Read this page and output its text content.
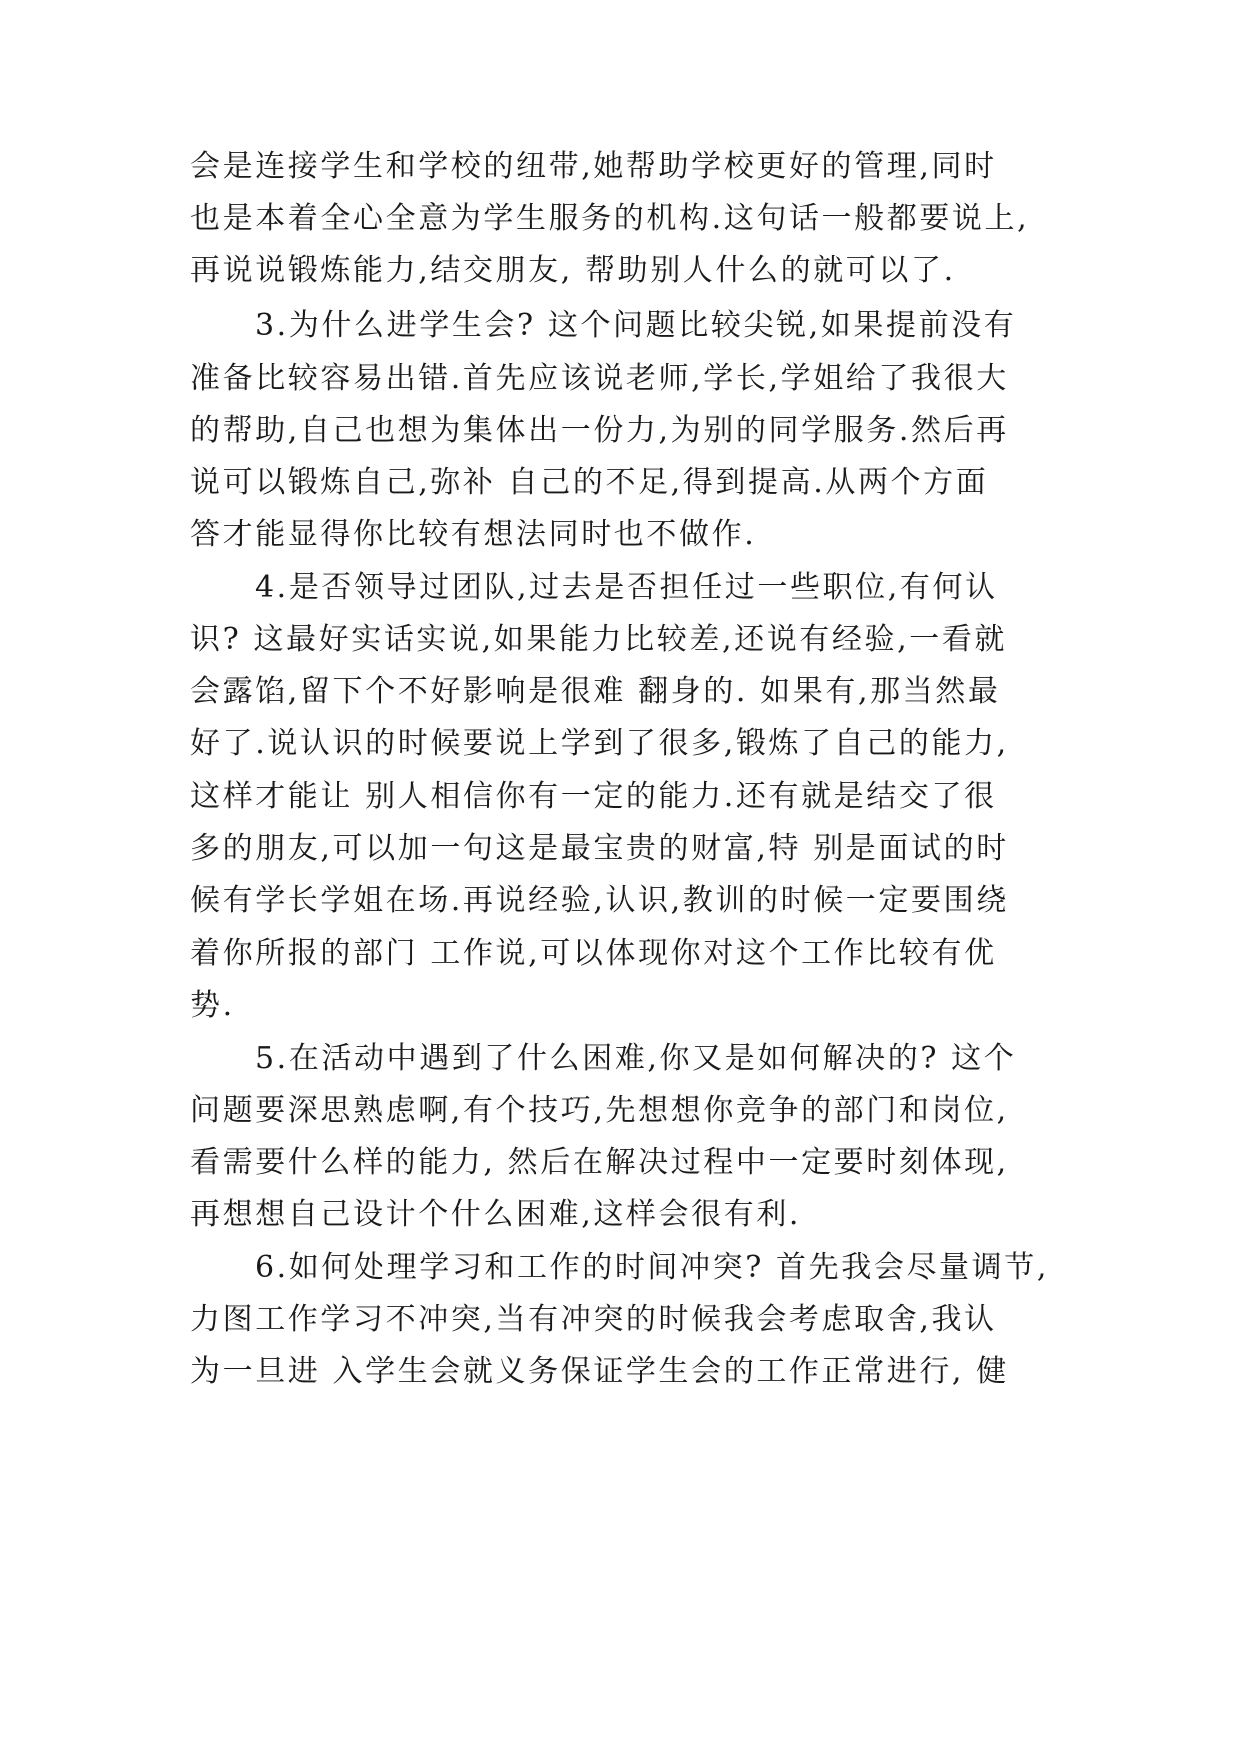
会是连接学生和学校的纽带,她帮助学校更好的管理,同时
也是本着全心全意为学生服务的机构.这句话一般都要说上,
再说说锻炼能力,结交朋友, 帮助别人什么的就可以了.
3.为什么进学生会? 这个问题比较尖锐,如果提前没有
准备比较容易出错.首先应该说老师,学长,学姐给了我很大
的帮助,自己也想为集体出一份力,为别的同学服务.然后再
说可以锻炼自己,弥补 自己的不足,得到提高.从两个方面
答才能显得你比较有想法同时也不做作.
4.是否领导过团队,过去是否担任过一些职位,有何认
识? 这最好实话实说,如果能力比较差,还说有经验,一看就
会露馅,留下个不好影响是很难 翻身的. 如果有,那当然最
好了.说认识的时候要说上学到了很多,锻炼了自己的能力,
这样才能让 别人相信你有一定的能力.还有就是结交了很
多的朋友,可以加一句这是最宝贵的财富,特 别是面试的时
候有学长学姐在场.再说经验,认识,教训的时候一定要围绕
着你所报的部门 工作说,可以体现你对这个工作比较有优
势.
5.在活动中遇到了什么困难,你又是如何解决的? 这个
问题要深思熟虑啊,有个技巧,先想想你竞争的部门和岗位,
看需要什么样的能力, 然后在解决过程中一定要时刻体现,
再想想自己设计个什么困难,这样会很有利.
6.如何处理学习和工作的时间冲突? 首先我会尽量调节,
力图工作学习不冲突,当有冲突的时候我会考虑取舍,我认
为一旦进 入学生会就义务保证学生会的工作正常进行, 健
